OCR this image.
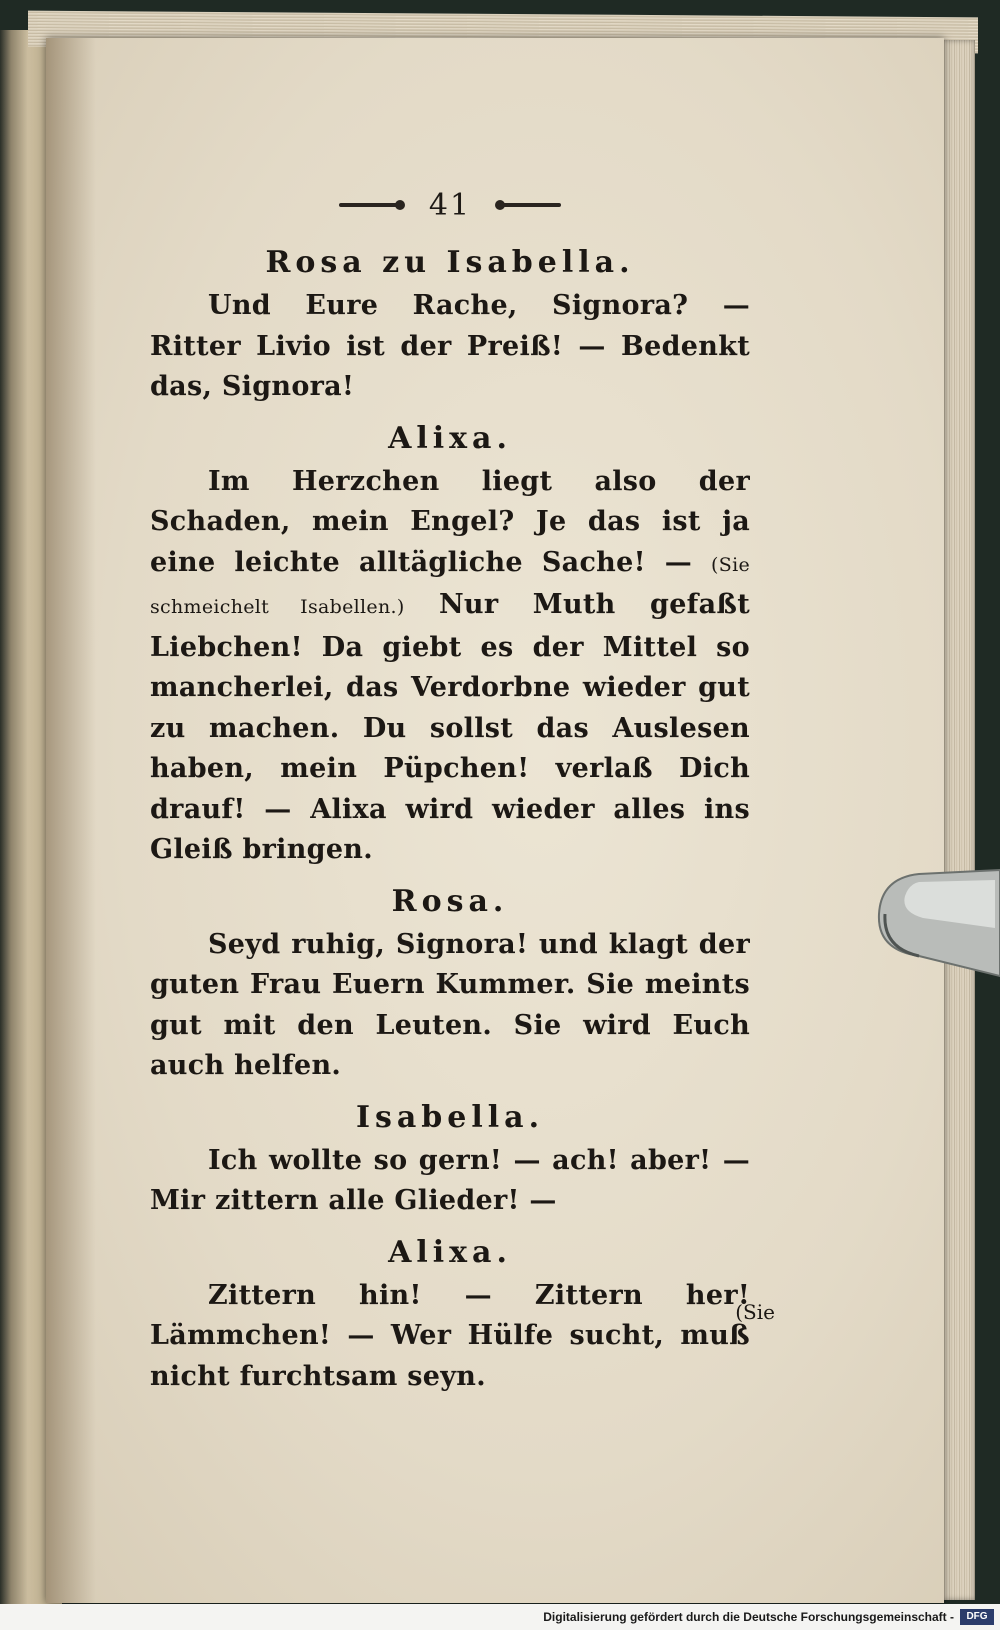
41
Rosa zu Isabella.

Und Eure Rache, Signora? — Ritter Livio ist der Preiß! — Bedenkt das, Signora!

Alixa.

Im Herzchen liegt also der Schaden, mein Engel? Je das ist ja eine leichte alltägliche Sache! — (Sie schmeichelt Isabellen.) Nur Muth gefaßt Liebchen! Da giebt es der Mittel so mancherlei, das Verdorbne wieder gut zu machen. Du sollst das Auslesen haben, mein Püpchen! verlaß Dich drauf! — Alixa wird wieder alles ins Gleiß bringen.

Rosa.

Seyd ruhig, Signora! und klagt der guten Frau Euern Kummer. Sie meints gut mit den Leuten. Sie wird Euch auch helfen.

Isabella.

Ich wollte so gern! — ach! aber! — Mir zittern alle Glieder! —

Alixa.

Zittern hin! — Zittern her! Lämmchen! — Wer Hülfe sucht, muß nicht furchtsam seyn.

(Sie
Digitalisierung gefördert durch die Deutsche Forschungsgemeinschaft -	DFG
